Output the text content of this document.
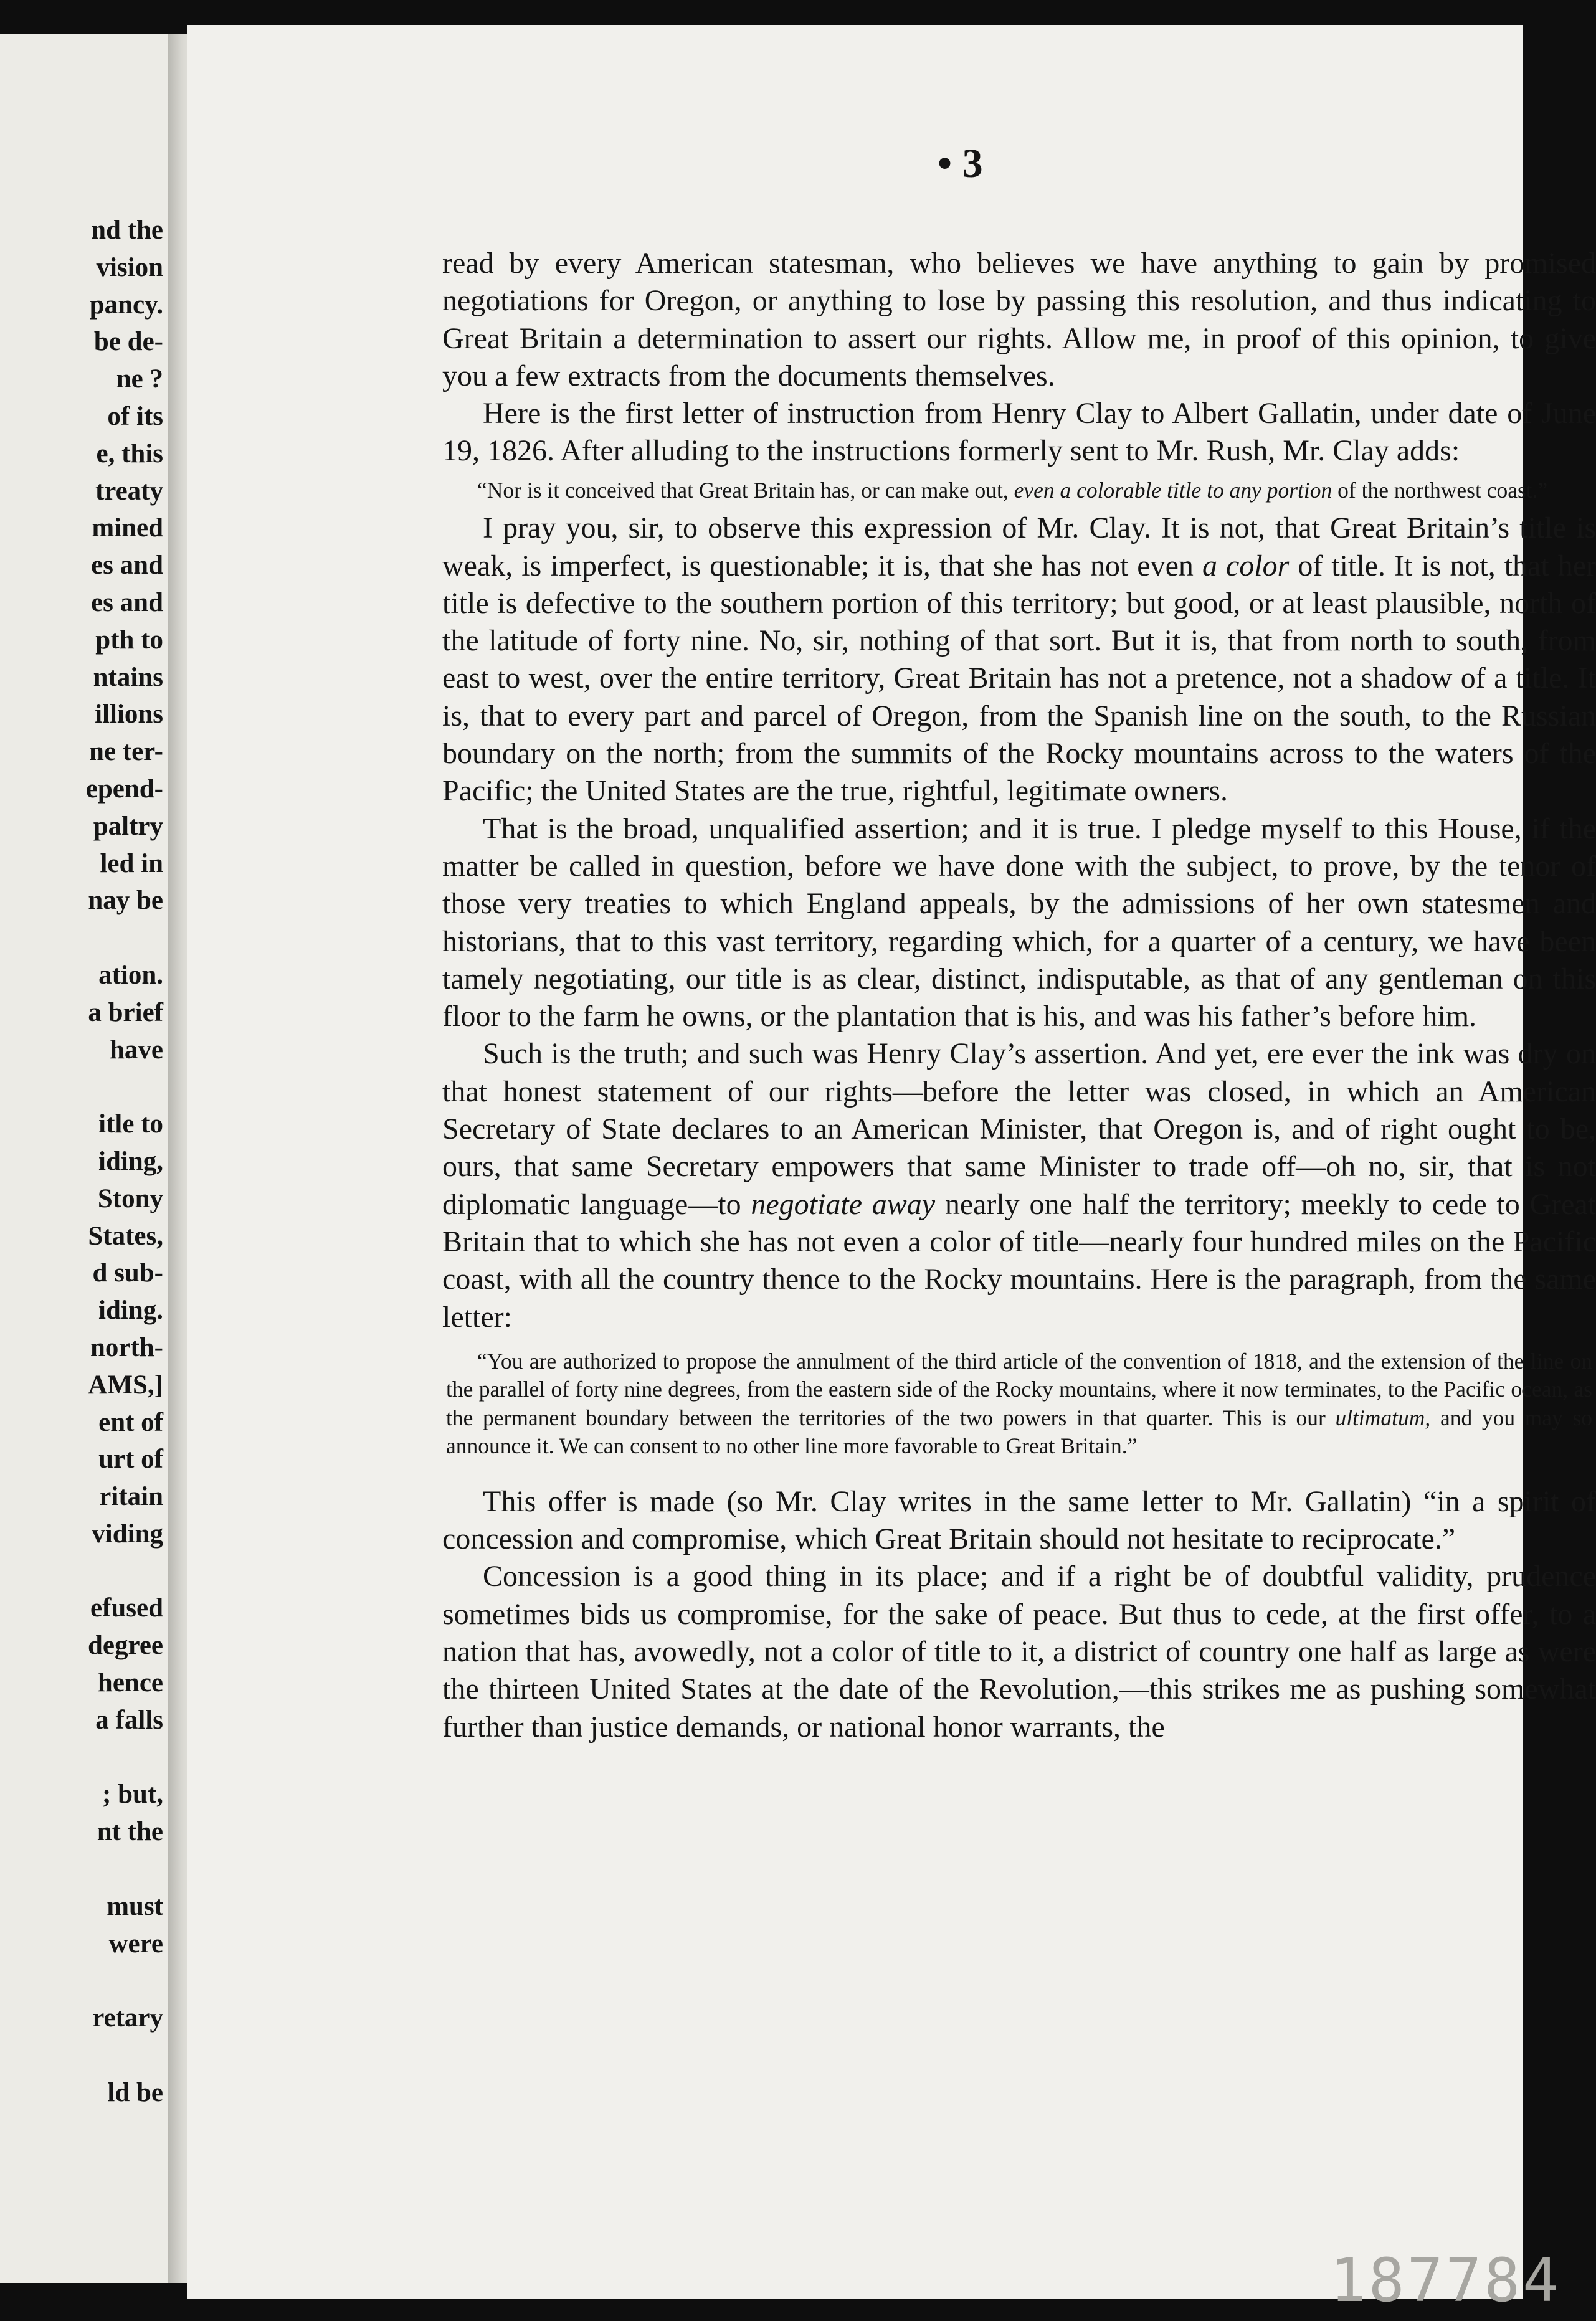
nd the
vision
pancy.
be de-
ne ?
of its
e, this
treaty
mined
es and
es and
pth to
ntains
illions
ne ter-
epend-
paltry
led in
nay be
ation.
a brief
have
itle to
iding,
Stony
States,
d sub-
iding.
north-
AMS,]
ent of
urt of
ritain
viding
efused
degree
hence
a falls
; but,
nt the
must
were
retary
ld be
• 3

read by every American statesman, who believes we have anything to gain by promised negotiations for Oregon, or anything to lose by passing this resolution, and thus indicating to Great Britain a determination to assert our rights. Allow me, in proof of this opinion, to give you a few extracts from the documents themselves.

Here is the first letter of instruction from Henry Clay to Albert Gallatin, under date of June 19, 1826. After alluding to the instructions formerly sent to Mr. Rush, Mr. Clay adds:

“Nor is it conceived that Great Britain has, or can make out, even a colorable title to any portion of the northwest coast.”

I pray you, sir, to observe this expression of Mr. Clay. It is not, that Great Britain’s title is weak, is imperfect, is questionable; it is, that she has not even a color of title. It is not, that her title is defective to the southern portion of this territory; but good, or at least plausible, north of the latitude of forty nine. No, sir, nothing of that sort. But it is, that from north to south, from east to west, over the entire territory, Great Britain has not a pretence, not a shadow of a title. It is, that to every part and parcel of Oregon, from the Spanish line on the south, to the Russian boundary on the north; from the summits of the Rocky mountains across to the waters of the Pacific; the United States are the true, rightful, legitimate owners.

That is the broad, unqualified assertion; and it is true. I pledge myself to this House, if the matter be called in question, before we have done with the subject, to prove, by the tenor of those very treaties to which England appeals, by the admissions of her own statesmen and historians, that to this vast territory, regarding which, for a quarter of a century, we have been tamely negotiating, our title is as clear, distinct, indisputable, as that of any gentleman on this floor to the farm he owns, or the plantation that is his, and was his father’s before him.

Such is the truth; and such was Henry Clay’s assertion. And yet, ere ever the ink was dry on that honest statement of our rights—before the letter was closed, in which an American Secretary of State declares to an American Minister, that Oregon is, and of right ought to be, ours, that same Secretary empowers that same Minister to trade off—oh no, sir, that is not diplomatic language—to negotiate away nearly one half the territory; meekly to cede to Great Britain that to which she has not even a color of title—nearly four hundred miles on the Pacific coast, with all the country thence to the Rocky mountains. Here is the paragraph, from the same letter:

“You are authorized to propose the annulment of the third article of the convention of 1818, and the extension of the line on the parallel of forty nine degrees, from the eastern side of the Rocky mountains, where it now terminates, to the Pacific ocean, as the permanent boundary between the territories of the two powers in that quarter. This is our ultimatum, and you may so announce it. We can consent to no other line more favorable to Great Britain.”

This offer is made (so Mr. Clay writes in the same letter to Mr. Gallatin) “in a spirit of concession and compromise, which Great Britain should not hesitate to reciprocate.”

Concession is a good thing in its place; and if a right be of doubtful validity, prudence sometimes bids us compromise, for the sake of peace. But thus to cede, at the first offer, to a nation that has, avowedly, not a color of title to it, a district of country one half as large as were the thirteen United States at the date of the Revolution,—this strikes me as pushing somewhat further than justice demands, or national honor warrants, the

187784
